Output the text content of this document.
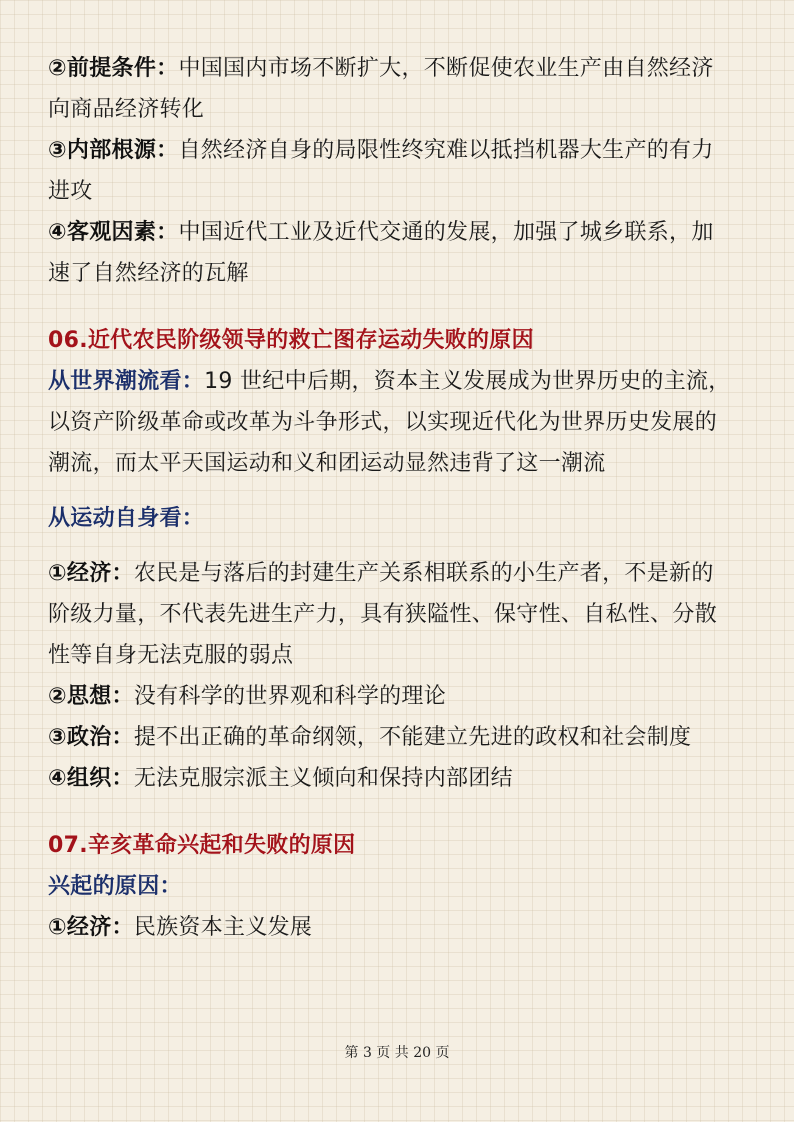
②前提条件：中国国内市场不断扩大，不断促使农业生产由自然经济
向商品经济转化
③内部根源：自然经济自身的局限性终究难以抵挡机器大生产的有力
进攻
④客观因素：中国近代工业及近代交通的发展，加强了城乡联系，加
速了自然经济的瓦解
06.近代农民阶级领导的救亡图存运动失败的原因
从世界潮流看：19 世纪中后期，资本主义发展成为世界历史的主流，
以资产阶级革命或改革为斗争形式，以实现近代化为世界历史发展的
潮流，而太平天国运动和义和团运动显然违背了这一潮流
从运动自身看：
①经济：农民是与落后的封建生产关系相联系的小生产者，不是新的
阶级力量，不代表先进生产力，具有狭隘性、保守性、自私性、分散
性等自身无法克服的弱点
②思想：没有科学的世界观和科学的理论
③政治：提不出正确的革命纲领，不能建立先进的政权和社会制度
④组织：无法克服宗派主义倾向和保持内部团结
07.辛亥革命兴起和失败的原因
兴起的原因：
①经济：民族资本主义发展
第 3 页 共 20 页
